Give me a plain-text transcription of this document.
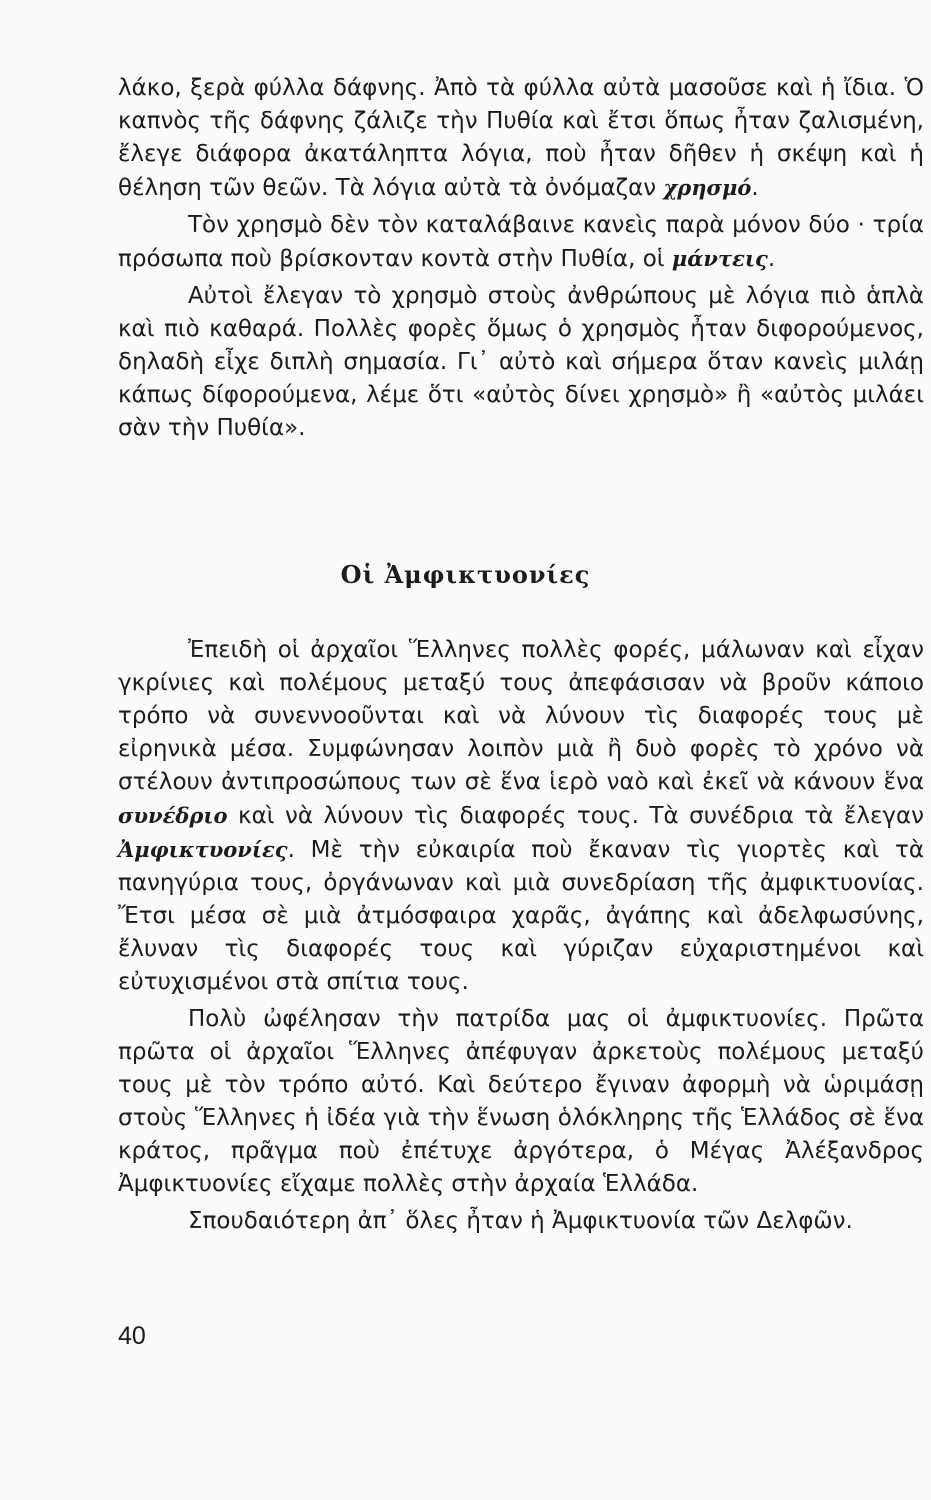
λάκο, ξερὰ φύλλα δάφνης. Ἀπὸ τὰ φύλλα αὐτὰ μασοῦσε καὶ ἡ ἴδια. Ὁ καπνὸς τῆς δάφνης ζάλιζε τὴν Πυθία καὶ ἔτσι ὅπως ἦταν ζαλισμένη, ἔλεγε διάφορα ἀκατάληπτα λόγια, ποὺ ἦταν δῆθεν ἡ σκέψη καὶ ἡ θέληση τῶν θεῶν. Τὰ λόγια αὐτὰ τὰ ὀνόμαζαν χρησμό.

Τὸν χρησμὸ δὲν τὸν καταλάβαινε κανεὶς παρὰ μόνον δύο · τρία πρόσωπα ποὺ βρίσκονταν κοντὰ στὴν Πυθία, οἱ μάντεις.

Αὐτοὶ ἔλεγαν τὸ χρησμὸ στοὺς ἀνθρώπους μὲ λόγια πιὸ ἁπλὰ καὶ πιὸ καθαρά. Πολλὲς φορὲς ὅμως ὁ χρησμὸς ἦταν διφορούμενος, δηλαδὴ εἶχε διπλὴ σημασία. Γι᾿ αὐτὸ καὶ σήμερα ὅταν κανεὶς μιλάῃ κάπως δίφορούμενα, λέμε ὅτι «αὐτὸς δίνει χρησμὸ» ἢ «αὐτὸς μιλάει σὰν τὴν Πυθία».

Οἱ Ἀμφικτυονίες

Ἐπειδὴ οἱ ἀρχαῖοι Ἕλληνες πολλὲς φορές, μάλωναν καὶ εἶχαν γκρίνιες καὶ πολέμους μεταξύ τους ἀπεφάσισαν νὰ βροῦν κάποιο τρόπο νὰ συνεννοοῦνται καὶ νὰ λύνουν τὶς διαφορές τους μὲ εἰρηνικὰ μέσα. Συμφώνησαν λοιπὸν μιὰ ἢ δυὸ φορὲς τὸ χρόνο νὰ στέλουν ἀντιπροσώπους των σὲ ἕνα ἱερὸ ναὸ καὶ ἐκεῖ νὰ κάνουν ἕνα συνέδριο καὶ νὰ λύνουν τὶς διαφορές τους. Τὰ συνέδρια τὰ ἔλεγαν Ἀμφικτυονίες. Μὲ τὴν εὐκαιρία ποὺ ἔκαναν τὶς γιορτὲς καὶ τὰ πανηγύρια τους, ὀργάνωναν καὶ μιὰ συνεδρίαση τῆς ἀμφικτυονίας. Ἔτσι μέσα σὲ μιὰ ἀτμόσφαιρα χαρᾶς, ἀγάπης καὶ ἀδελφωσύνης, ἔλυναν τὶς διαφορές τους καὶ γύριζαν εὐχαριστημένοι καὶ εὐτυχισμένοι στὰ σπίτια τους.

Πολὺ ὠφέλησαν τὴν πατρίδα μας οἱ ἀμφικτυονίες. Πρῶτα πρῶτα οἱ ἀρχαῖοι Ἕλληνες ἀπέφυγαν ἀρκετοὺς πολέμους μεταξύ τους μὲ τὸν τρόπο αὐτό. Καὶ δεύτερο ἔγιναν ἀφορμὴ νὰ ὡριμάσῃ στοὺς Ἕλληνες ἡ ἰδέα γιὰ τὴν ἕνωση ὁλόκληρης τῆς Ἑλλάδος σὲ ἕνα κράτος, πρᾶγμα ποὺ ἐπέτυχε ἀργότερα, ὁ Μέγας Ἀλέξανδρος Ἀμφικτυονίες εἴχαμε πολλὲς στὴν ἀρχαία Ἑλλάδα.

Σπουδαιότερη ἀπ᾿ ὅλες ἦταν ἡ Ἀμφικτυονία τῶν Δελφῶν.

40
